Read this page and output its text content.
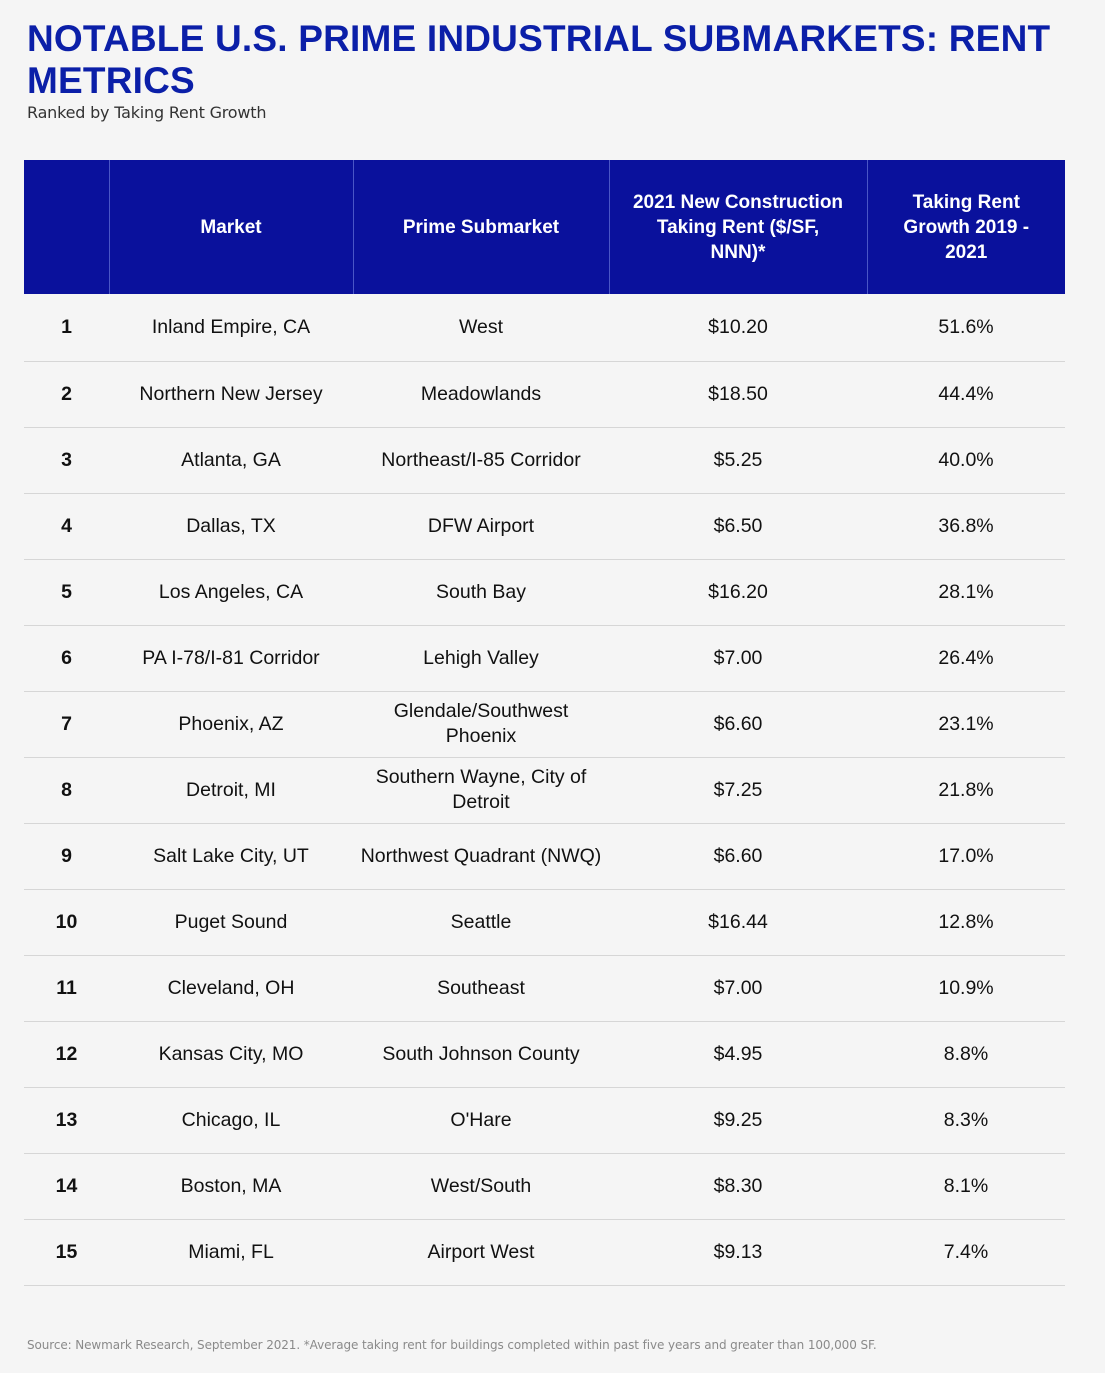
NOTABLE U.S. PRIME INDUSTRIAL SUBMARKETS: RENT METRICS

Ranked by Taking Rent Growth

	Market	Prime Submarket	2021 New Construction Taking Rent ($/SF, NNN)*	Taking Rent Growth 2019 - 2021
1	Inland Empire, CA	West	$10.20	51.6%
2	Northern New Jersey	Meadowlands	$18.50	44.4%
3	Atlanta, GA	Northeast/I-85 Corridor	$5.25	40.0%
4	Dallas, TX	DFW Airport	$6.50	36.8%
5	Los Angeles, CA	South Bay	$16.20	28.1%
6	PA I-78/I-81 Corridor	Lehigh Valley	$7.00	26.4%
7	Phoenix, AZ	Glendale/Southwest Phoenix	$6.60	23.1%
8	Detroit, MI	Southern Wayne, City of Detroit	$7.25	21.8%
9	Salt Lake City, UT	Northwest Quadrant (NWQ)	$6.60	17.0%
10	Puget Sound	Seattle	$16.44	12.8%
11	Cleveland, OH	Southeast	$7.00	10.9%
12	Kansas City, MO	South Johnson County	$4.95	8.8%
13	Chicago, IL	O'Hare	$9.25	8.3%
14	Boston, MA	West/South	$8.30	8.1%
15	Miami, FL	Airport West	$9.13	7.4%

Source: Newmark Research, September 2021. *Average taking rent for buildings completed within past five years and greater than 100,000 SF.
